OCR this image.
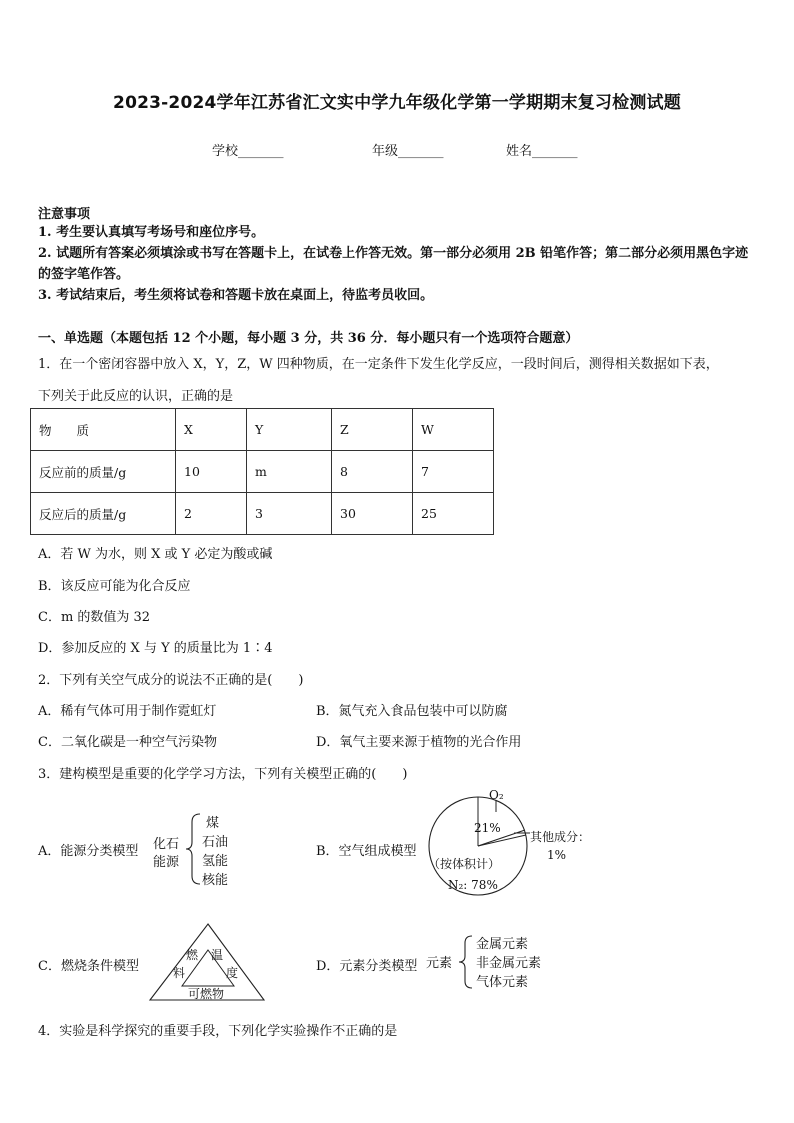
2023-2024学年江苏省汇文实中学九年级化学第一学期期末复习检测试题
学校_______	年级_______	姓名_______
注意事项
1. 考生要认真填写考场号和座位序号。
2. 试题所有答案必须填涂或书写在答题卡上，在试卷上作答无效。第一部分必须用 2B 铅笔作答；第二部分必须用黑色字迹的签字笔作答。
3. 考试结束后，考生须将试卷和答题卡放在桌面上，待监考员收回。
一、单选题（本题包括 12 个小题，每小题 3 分，共 36 分．每小题只有一个选项符合题意）
1．在一个密闭容器中放入 X，Y，Z，W 四种物质，在一定条件下发生化学反应，一段时间后，测得相关数据如下表，
下列关于此反应的认识，正确的是
物　　质	X	Y	Z	W
反应前的质量/g	10	m	8	7
反应后的质量/g	2	3	30	25
A．若 W 为水，则 X 或 Y 必定为酸或碱
B．该反应可能为化合反应
C．m 的数值为 32
D．参加反应的 X 与 Y 的质量比为 1∶4
2．下列有关空气成分的说法不正确的是(　　)
A．稀有气体可用于制作霓虹灯	B．氮气充入食品包装中可以防腐
C．二氧化碳是一种空气污染物	D．氧气主要来源于植物的光合作用
3．建构模型是重要的化学学习方法，下列有关模型正确的(　　)
A．能源分类模型 化石
能源
煤
石油
氢能
核能
B．空气组成模型
O₂
21%
其他成分：
1%
（按体积计）
N₂: 78%
C．燃烧条件模型
燃 温
料	度
可燃物
D．元素分类模型 元素
金属元素
非金属元素
气体元素
4．实验是科学探究的重要手段，下列化学实验操作不正确的是
